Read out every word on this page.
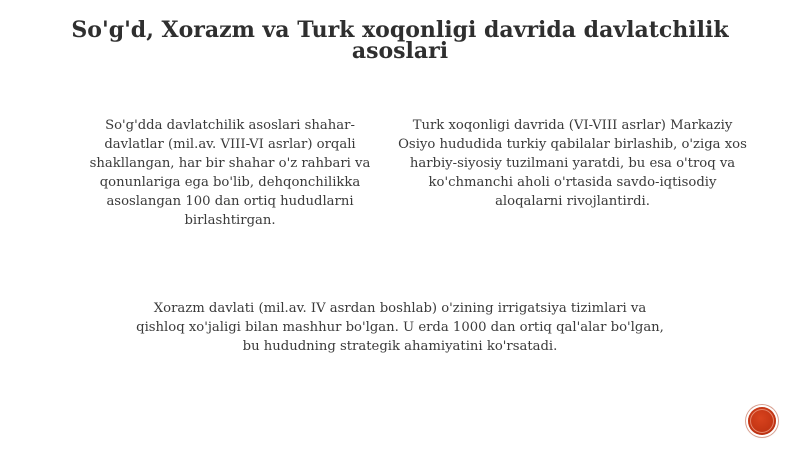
So'g'd, Xorazm va Turk xoqonligi davrida davlatchilik asoslari

So'g'dda davlatchilik asoslari shahar-davlatlar (mil.av. VIII-VI asrlar) orqali shakllangan, har bir shahar o'z rahbari va qonunlariga ega bo'lib, dehqonchilikka asoslangan 100 dan ortiq hududlarni birlashtirgan.

Turk xoqonligi davrida (VI-VIII asrlar) Markaziy Osiyo hududida turkiy qabilalar birlashib, o'ziga xos harbiy-siyosiy tuzilmani yaratdi, bu esa o'troq va ko'chmanchi aholi o'rtasida savdo-iqtisodiy aloqalarni rivojlantirdi.

Xorazm davlati (mil.av. IV asrdan boshlab) o'zining irrigatsiya tizimlari va qishloq xo'jaligi bilan mashhur bo'lgan. U erda 1000 dan ortiq qal'alar bo'lgan, bu hududning strategik ahamiyatini ko'rsatadi.
